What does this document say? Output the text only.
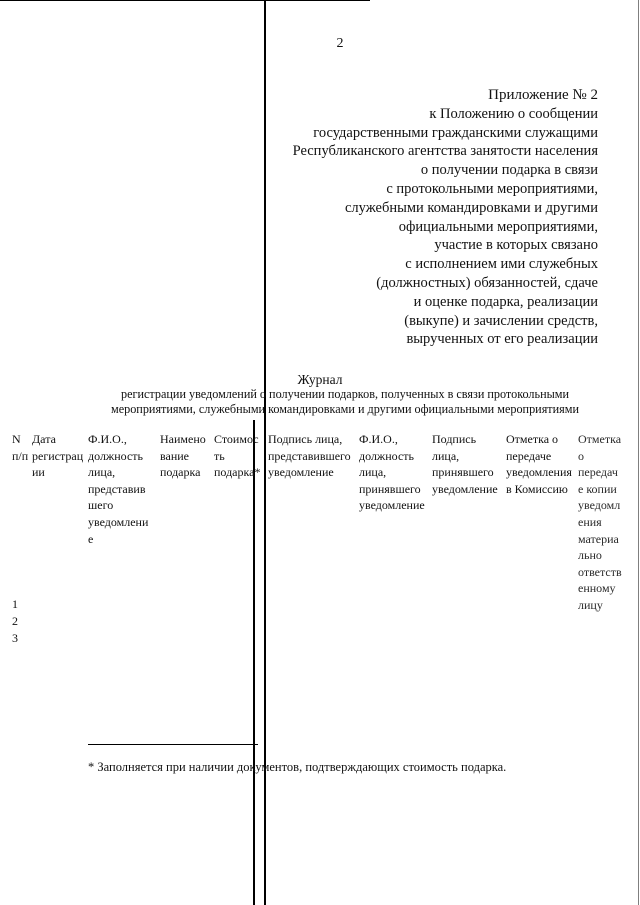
2
Приложение № 2
к Положению о сообщении
государственными гражданскими служащими
Республиканского агентства занятости населения
о получении подарка в связи
с протокольными мероприятиями,
служебными командировками и другими
официальными мероприятиями,
участие в которых связано
с исполнением ими служебных
(должностных) обязанностей, сдаче
и оценке подарка, реализации
(выкупе) и зачислении средств,
вырученных от его реализации
Журнал
регистрации уведомлений о получении подарков, полученных в связи протокольными
мероприятиями, служебными командировками и другими официальными мероприятиями
N
п/п
Дата
регистрац
ии
Ф.И.О.,
должность
лица,
представив
шего
уведомлени
е
Наимено
вание
подарка
Стоимос
ть
подарка*
Подпись лица,
представившего
уведомление
Ф.И.О.,
должность
лица,
принявшего
уведомление
Подпись
лица,
принявшего
уведомление
Отметка о
передаче
уведомления
в Комиссию
Отметка
о
передач
е копии
уведомл
ения
материа
льно
ответств
енному
лицу
1
2
3
* Заполняется при наличии документов, подтверждающих стоимость подарка.
